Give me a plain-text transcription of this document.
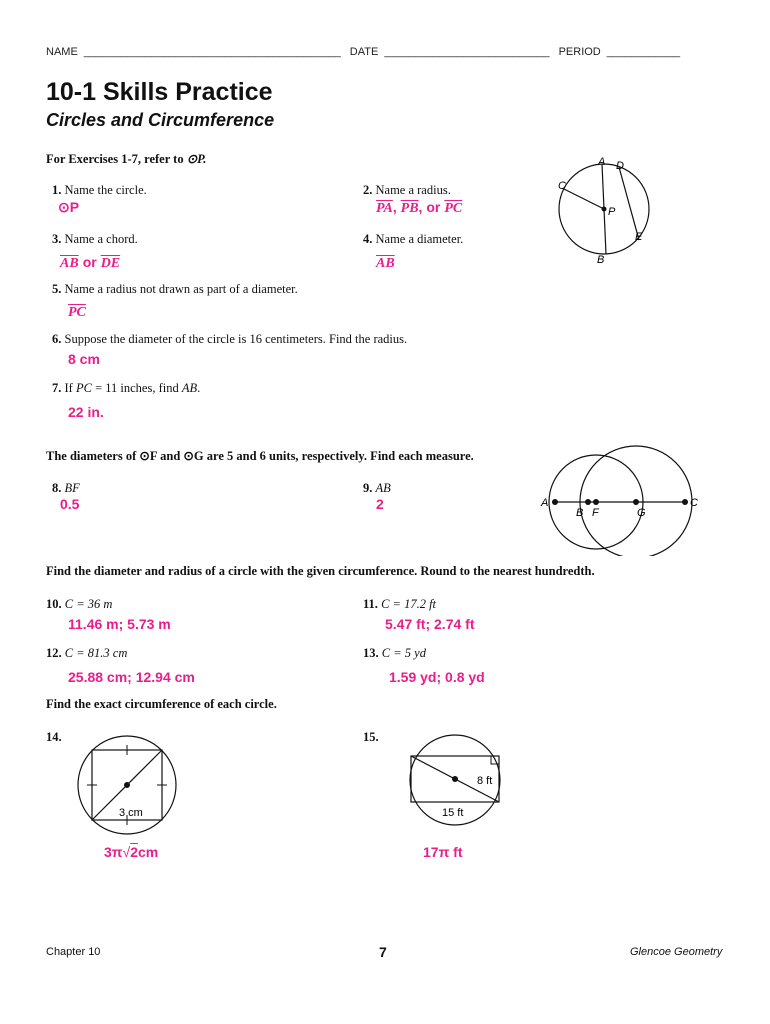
NAME __________________________________________ DATE ___________________________ PERIOD ____________
10-1 Skills Practice
Circles and Circumference
For Exercises 1-7, refer to ⊙P.
1. Name the circle.
⊙P
2. Name a radius.
$\overline{PA}$, $\overline{PB}$, or $\overline{PC}$
3. Name a chord.
$\overline{AB}$ or $\overline{DE}$
4. Name a diameter.
$\overline{AB}$
5. Name a radius not drawn as part of a diameter.
$\overline{PC}$
6. Suppose the diameter of the circle is 16 centimeters. Find the radius.
8 cm
7. If PC = 11 inches, find AB.
22 in.
A D
C
P
E
B
The diameters of ⊙F and ⊙G are 5 and 6 units, respectively. Find each measure.
8. BF
0.5
9. AB
2	A
B F	G
C
Find the diameter and radius of a circle with the given circumference. Round to the nearest hundredth.
10. C = 36 m
11.46 m; 5.73 m
11. C = 17.2 ft
5.47 ft; 2.74 ft
12. C = 81.3 cm
25.88 cm; 12.94 cm
13. C = 5 yd
1.59 yd; 0.8 yd
Find the exact circumference of each circle.
14.
3 cm
3π√2cm
15.
8 ft
15 ft
17π ft
Chapter 10	7	Glencoe Geometry
